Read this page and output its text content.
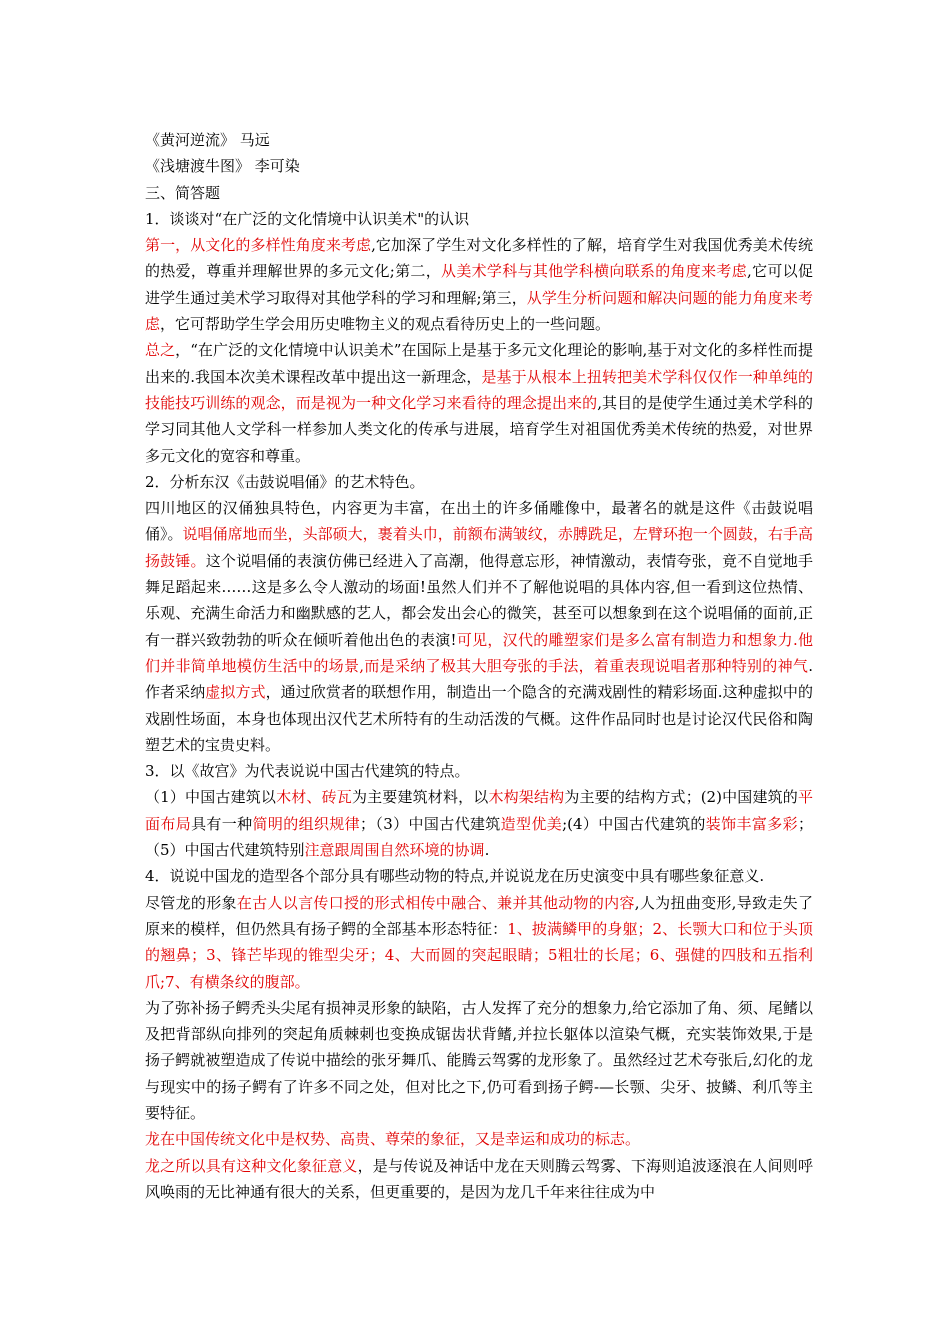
《黄河逆流》 马远

《浅塘渡牛图》 李可染

三、简答题

1．谈谈对“在广泛的文化情境中认识美术"的认识

第一，从文化的多样性角度来考虑,它加深了学生对文化多样性的了解，培育学生对我国优秀美术传统的热爱，尊重并理解世界的多元文化;第二，从美术学科与其他学科横向联系的角度来考虑,它可以促进学生通过美术学习取得对其他学科的学习和理解;第三，从学生分析问题和解决问题的能力角度来考虑，它可帮助学生学会用历史唯物主义的观点看待历史上的一些问题。

总之，“在广泛的文化情境中认识美术”在国际上是基于多元文化理论的影响,基于对文化的多样性而提出来的.我国本次美术课程改革中提出这一新理念，是基于从根本上扭转把美术学科仅仅作一种单纯的技能技巧训练的观念，而是视为一种文化学习来看待的理念提出来的,其目的是使学生通过美术学科的学习同其他人文学科一样参加人类文化的传承与进展，培育学生对祖国优秀美术传统的热爱，对世界多元文化的宽容和尊重。

2．分析东汉《击鼓说唱俑》的艺术特色。

四川地区的汉俑独具特色，内容更为丰富，在出土的许多俑雕像中，最著名的就是这件《击鼓说唱俑》。说唱俑席地而坐，头部硕大，裹着头巾，前额布满皱纹，赤膊跣足，左臂环抱一个圆鼓，右手高扬鼓锤。这个说唱俑的表演仿佛已经进入了高潮，他得意忘形，神情激动，表情夸张，竟不自觉地手舞足蹈起来……这是多么令人激动的场面!虽然人们并不了解他说唱的具体内容,但一看到这位热情、乐观、充满生命活力和幽默感的艺人，都会发出会心的微笑，甚至可以想象到在这个说唱俑的面前,正有一群兴致勃勃的听众在倾听着他出色的表演!可见，汉代的雕塑家们是多么富有制造力和想象力.他们并非简单地模仿生活中的场景,而是采纳了极其大胆夸张的手法，着重表现说唱者那种特别的神气.作者采纳虚拟方式，通过欣赏者的联想作用，制造出一个隐含的充满戏剧性的精彩场面.这种虚拟中的戏剧性场面，本身也体现出汉代艺术所特有的生动活泼的气概。这件作品同时也是讨论汉代民俗和陶塑艺术的宝贵史料。

3．以《故宫》为代表说说中国古代建筑的特点。

（1）中国古建筑以木材、砖瓦为主要建筑材料，以木构架结构为主要的结构方式；(2)中国建筑的平面布局具有一种简明的组织规律；（3）中国古代建筑造型优美;(4）中国古代建筑的装饰丰富多彩；（5）中国古代建筑特别注意跟周围自然环境的协调.

4．说说中国龙的造型各个部分具有哪些动物的特点,并说说龙在历史演变中具有哪些象征意义.

尽管龙的形象在古人以言传口授的形式相传中融合、兼并其他动物的内容,人为扭曲变形,导致走失了原来的模样，但仍然具有扬子鳄的全部基本形态特征：1、披满鳞甲的身躯；2、长颚大口和位于头顶的翘鼻；3、锋芒毕现的锥型尖牙；4、大而圆的突起眼睛；5粗壮的长尾；6、强健的四肢和五指利爪;7、有横条纹的腹部。

为了弥补扬子鳄秃头尖尾有损神灵形象的缺陷，古人发挥了充分的想象力,给它添加了角、须、尾鳍以及把背部纵向排列的突起角质棘刺也变换成锯齿状背鳍,并拉长躯体以渲染气概，充实装饰效果,于是扬子鳄就被塑造成了传说中描绘的张牙舞爪、能腾云驾雾的龙形象了。虽然经过艺术夸张后,幻化的龙与现实中的扬子鳄有了许多不同之处，但对比之下,仍可看到扬子鳄-—长颚、尖牙、披鳞、利爪等主要特征。

龙在中国传统文化中是权势、高贵、尊荣的象征，又是幸运和成功的标志。

龙之所以具有这种文化象征意义，是与传说及神话中龙在天则腾云驾雾、下海则追波逐浪在人间则呼风唤雨的无比神通有很大的关系，但更重要的，是因为龙几千年来往往成为中
